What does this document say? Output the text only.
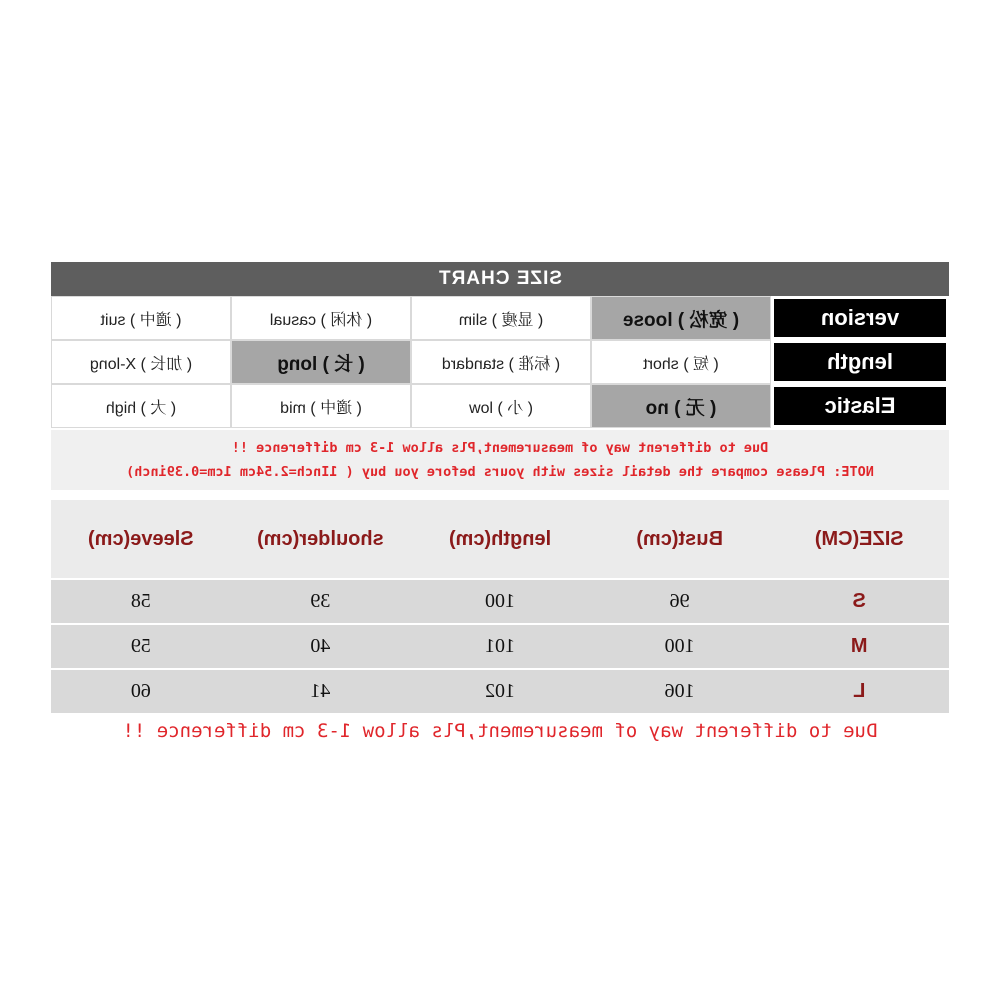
SIZE CHART
version
( 宽松 ) loose
( 显瘦 ) slim
( 休闲 ) casual
( 適中 ) suit
length
( 短 ) short
( 标准 ) standard
( 长 ) long
( 加长 ) X-long
Elastic
( 无 ) no
( 小 ) low
( 適中 ) mid
( 大 ) high
Due to different way of measurement,Pls allow 1-3 cm difference !!
NOTE: Please compare the detail sizes with yours before you buy ( 1Inch=2.54cm 1cm=0.39inch)
SIZE(CM)
Bust(cm)
length(cm)
shoulder(cm)
Sleeve(cm)
S
96
100
39
58
M
100
101
40
59
L
106
102
41
60
Due to different way of measurement,Pls allow 1-3 cm difference !!
